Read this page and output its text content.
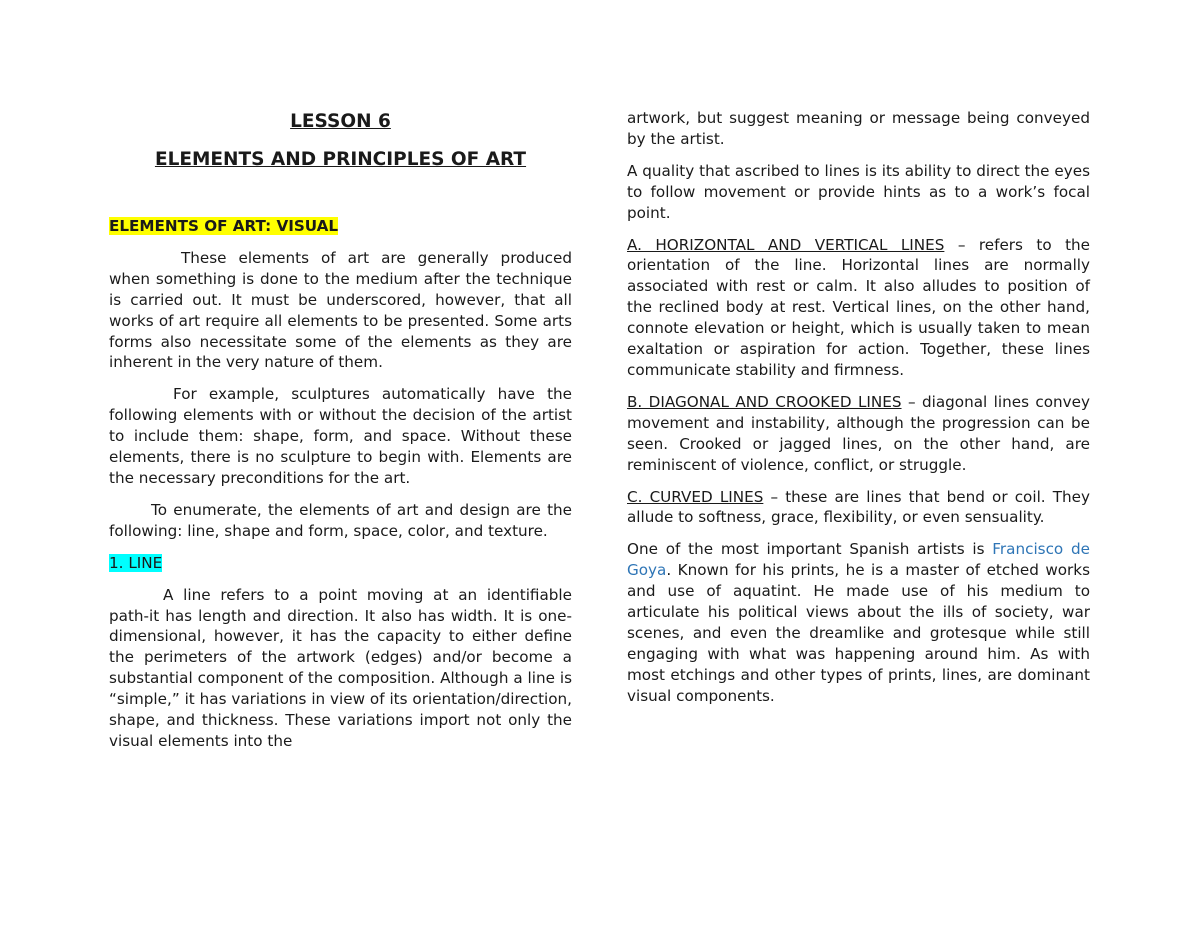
LESSON 6
ELEMENTS AND PRINCIPLES OF ART

ELEMENTS OF ART: VISUAL

These elements of art are generally produced when something is done to the medium after the technique is carried out. It must be underscored, however, that all works of art require all elements to be presented. Some arts forms also necessitate some of the elements as they are inherent in the very nature of them.

For example, sculptures automatically have the following elements with or without the decision of the artist to include them: shape, form, and space. Without these elements, there is no sculpture to begin with. Elements are the necessary preconditions for the art.

To enumerate, the elements of art and design are the following: line, shape and form, space, color, and texture.

1. LINE

A line refers to a point moving at an identifiable path-it has length and direction. It also has width. It is one-dimensional, however, it has the capacity to either define the perimeters of the artwork (edges) and/or become a substantial component of the composition. Although a line is “simple,” it has variations in view of its orientation/direction, shape, and thickness. These variations import not only the visual elements into the

artwork, but suggest meaning or message being conveyed by the artist.

A quality that ascribed to lines is its ability to direct the eyes to follow movement or provide hints as to a work’s focal point.

A. HORIZONTAL AND VERTICAL LINES – refers to the orientation of the line. Horizontal lines are normally associated with rest or calm. It also alludes to position of the reclined body at rest. Vertical lines, on the other hand, connote elevation or height, which is usually taken to mean exaltation or aspiration for action. Together, these lines communicate stability and firmness.

B. DIAGONAL AND CROOKED LINES – diagonal lines convey movement and instability, although the progression can be seen. Crooked or jagged lines, on the other hand, are reminiscent of violence, conflict, or struggle.

C. CURVED LINES – these are lines that bend or coil. They allude to softness, grace, flexibility, or even sensuality.

One of the most important Spanish artists is Francisco de Goya. Known for his prints, he is a master of etched works and use of aquatint. He made use of his medium to articulate his political views about the ills of society, war scenes, and even the dreamlike and grotesque while still engaging with what was happening around him. As with most etchings and other types of prints, lines, are dominant visual components.
